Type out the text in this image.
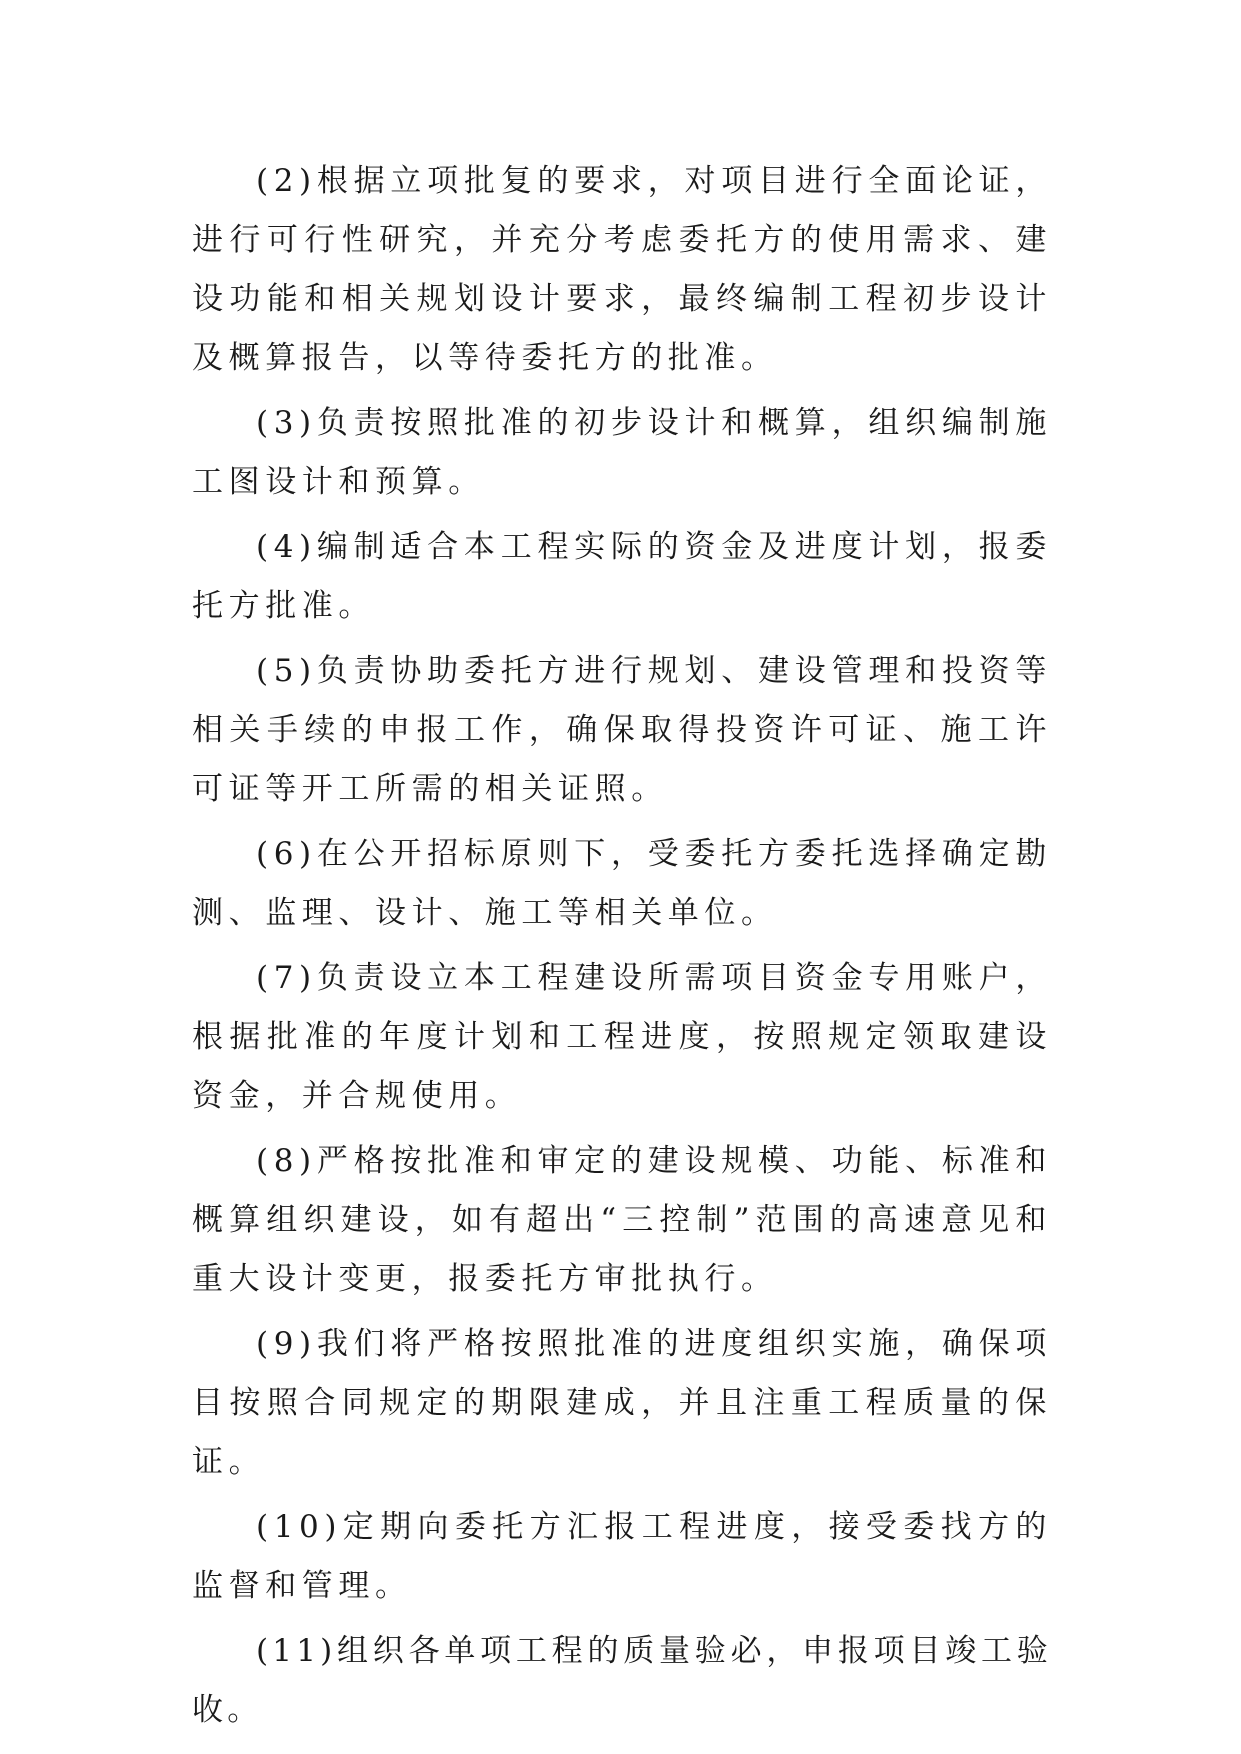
(2)根据立项批复的要求，对项目进行全面论证，进行可行性研究，并充分考虑委托方的使用需求、建设功能和相关规划设计要求，最终编制工程初步设计及概算报告，以等待委托方的批准。

(3)负责按照批准的初步设计和概算，组织编制施工图设计和预算。

(4)编制适合本工程实际的资金及进度计划，报委托方批准。

(5)负责协助委托方进行规划、建设管理和投资等相关手续的申报工作，确保取得投资许可证、施工许可证等开工所需的相关证照。

(6)在公开招标原则下，受委托方委托选择确定勘测、监理、设计、施工等相关单位。

(7)负责设立本工程建设所需项目资金专用账户，根据批准的年度计划和工程进度，按照规定领取建设资金，并合规使用。

(8)严格按批准和审定的建设规模、功能、标准和概算组织建设，如有超出“三控制”范围的高速意见和重大设计变更，报委托方审批执行。

(9)我们将严格按照批准的进度组织实施，确保项目按照合同规定的期限建成，并且注重工程质量的保证。

(10)定期向委托方汇报工程进度，接受委找方的监督和管理。

(11)组织各单项工程的质量验必，申报项目竣工验收。
